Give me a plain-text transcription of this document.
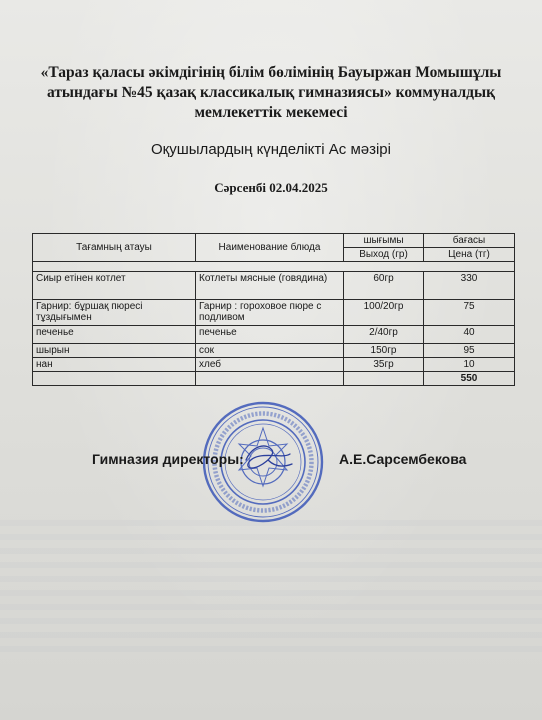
«Тараз қаласы әкімдігінің білім бөлімінің Бауыржан Момышұлы
атындағы №45 қазақ классикалық гимназиясы» коммуналдық
мемлекеттік мекемесі
Оқушылардың күнделікті Ас мәзірі
Сәрсенбі 02.04.2025
Тағамның атауы	Наименование блюда	шығымы	бағасы
		Выход (гр)	Цена (тг)

Сиыр етінен котлет	Котлеты мясные (говядина)	60гр	330
Гарнир: бұршақ пюресі тұздығымен	Гарнир : гороховое пюре с подливом	100/20гр	75
печенье	печенье	2/40гр	40
шырын	сок	150гр	95
нан	хлеб	35гр	10
			550
Гимназия директоры:	А.Е.Сарсембекова
